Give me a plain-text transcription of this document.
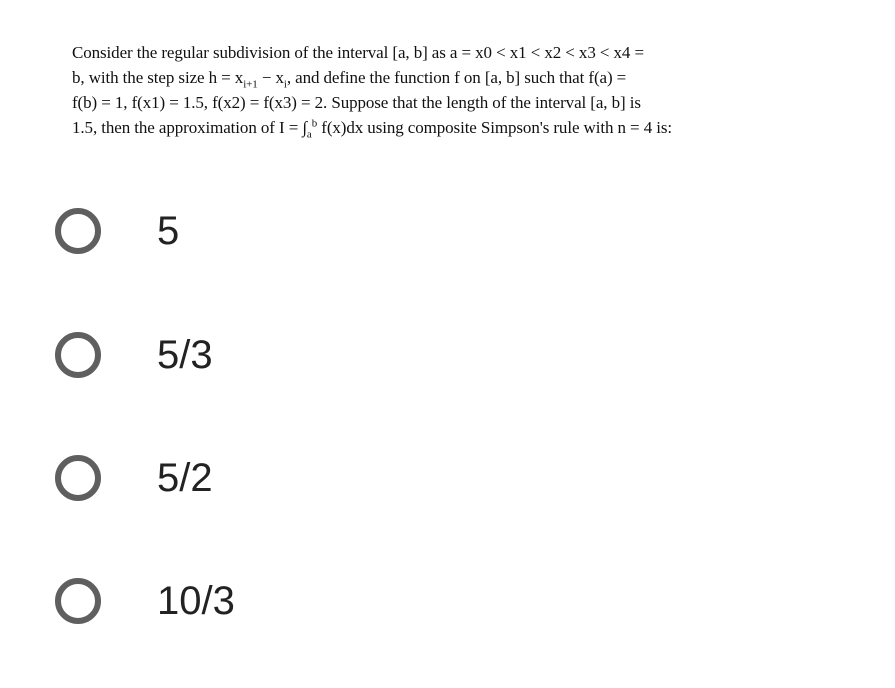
Consider the regular subdivision of the interval [a, b] as a = x0 < x1 < x2 < x3 < x4 =
b, with the step size $h = x_{i+1} - x_i$, and define the function f on [a, b] such that f(a) =
f(b) = 1, f(x1) = 1.5, f(x2) = f(x3) = 2. Suppose that the length of the interval [a, b] is
1.5, then the approximation of $I = \int_a^b$ f(x)dx using composite Simpson's rule with n = 4 is:
5
5/3
5/2
10/3
